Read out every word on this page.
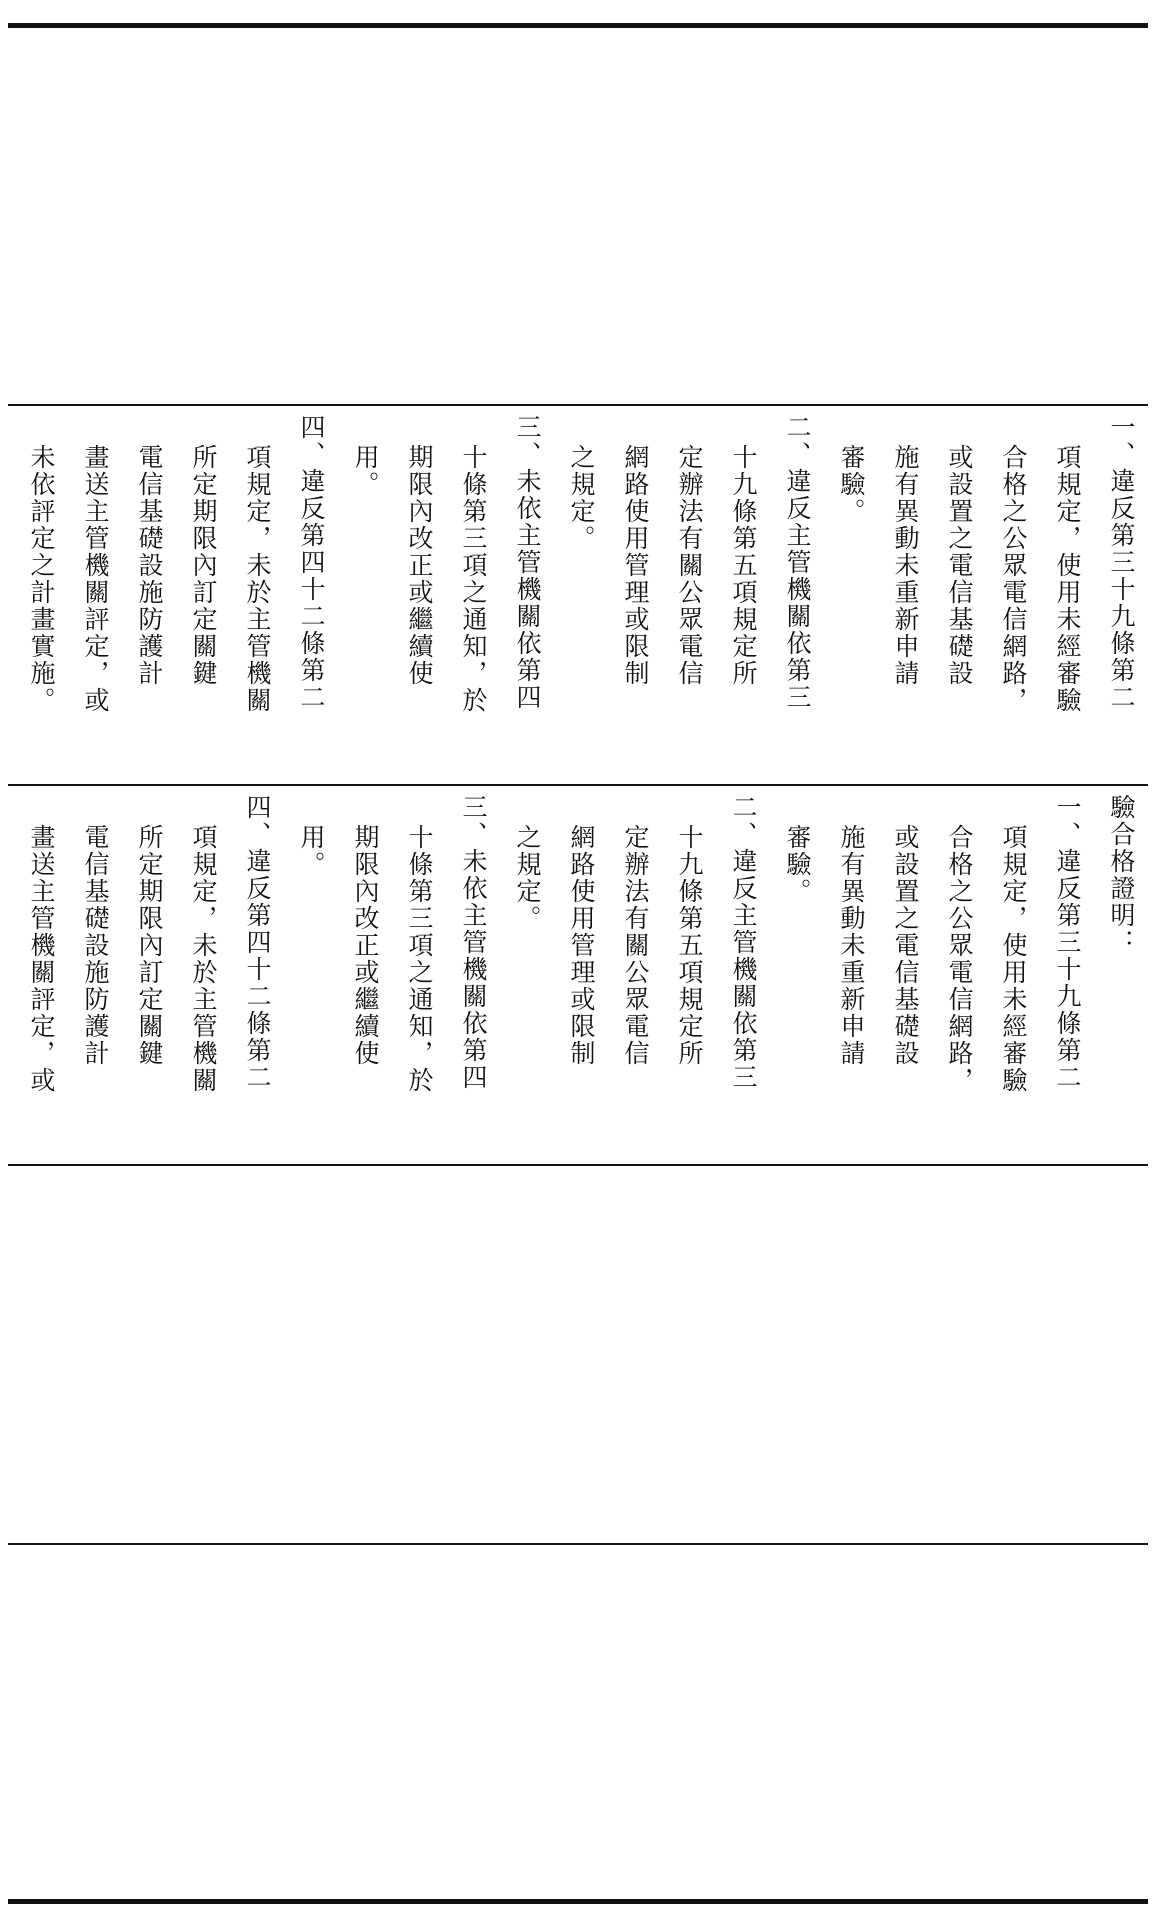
一、違反第三十九條第二
項規定，使用未經審驗
合格之公眾電信網路，
或設置之電信基礎設
施有異動未重新申請
審驗。
二、違反主管機關依第三
十九條第五項規定所
定辦法有關公眾電信
網路使用管理或限制
之規定。
三、未依主管機關依第四
十條第三項之通知，於
期限內改正或繼續使
用。
四、違反第四十二條第二
項規定，未於主管機關
所定期限內訂定關鍵
電信基礎設施防護計
畫送主管機關評定，或
未依評定之計畫實施。
驗合格證明：
一、違反第三十九條第二
項規定，使用未經審驗
合格之公眾電信網路，
或設置之電信基礎設
施有異動未重新申請
審驗。
二、違反主管機關依第三
十九條第五項規定所
定辦法有關公眾電信
網路使用管理或限制
之規定。
三、未依主管機關依第四
十條第三項之通知，於
期限內改正或繼續使
用。
四、違反第四十二條第二
項規定，未於主管機關
所定期限內訂定關鍵
電信基礎設施防護計
畫送主管機關評定，或
